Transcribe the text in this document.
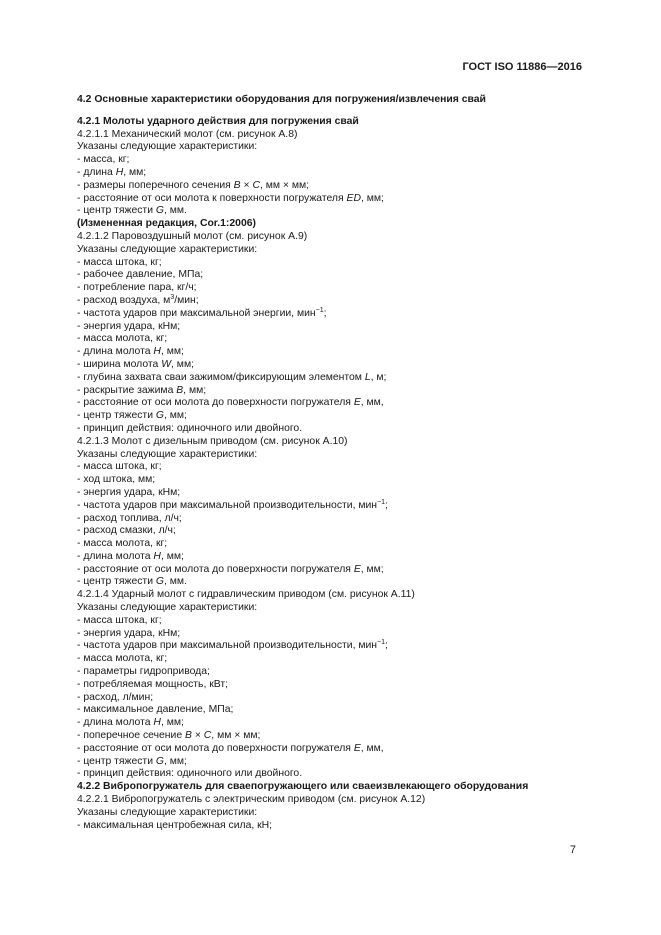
ГОСТ ISO 11886—2016
4.2 Основные характеристики оборудования для погружения/извлечения свай
4.2.1 Молоты ударного действия для погружения свай
4.2.1.1 Механический молот (см. рисунок А.8)
Указаны следующие характеристики:
- масса, кг;
- длина H, мм;
- размеры поперечного сечения B × C, мм × мм;
- расстояние от оси молота к поверхности погружателя ED, мм;
- центр тяжести G, мм.
(Измененная редакция, Cor.1:2006)
4.2.1.2 Паровоздушный молот (см. рисунок А.9)
Указаны следующие характеристики:
- масса штока, кг;
- рабочее давление, МПа;
- потребление пара, кг/ч;
- расход воздуха, $м^3$/мин;
- частота ударов при максимальной энергии, мин$^{-1}$;
- энергия удара, кНм;
- масса молота, кг;
- длина молота H, мм;
- ширина молота W, мм;
- глубина захвата сваи зажимом/фиксирующим элементом L, м;
- раскрытие зажима B, мм;
- расстояние от оси молота до поверхности погружателя E, мм,
- центр тяжести G, мм;
- принцип действия: одиночного или двойного.
4.2.1.3 Молот с дизельным приводом (см. рисунок А.10)
Указаны следующие характеристики:
- масса штока, кг;
- ход штока, мм;
- энергия удара, кНм;
- частота ударов при максимальной производительности, мин$^{-1}$;
- расход топлива, л/ч;
- расход смазки, л/ч;
- масса молота, кг;
- длина молота H, мм;
- расстояние от оси молота до поверхности погружателя E, мм;
- центр тяжести G, мм.
4.2.1.4 Ударный молот с гидравлическим приводом (см. рисунок А.11)
Указаны следующие характеристики:
- масса штока, кг;
- энергия удара, кНм;
- частота ударов при максимальной производительности, мин$^{-1}$;
- масса молота, кг;
- параметры гидропривода;
- потребляемая мощность, кВт;
- расход, л/мин;
- максимальное давление, МПа;
- длина молота H, мм;
- поперечное сечение B × C, мм × мм;
- расстояние от оси молота до поверхности погружателя E, мм,
- центр тяжести G, мм;
- принцип действия: одиночного или двойного.
4.2.2 Вибропогружатель для сваепогружающего или сваеизвлекающего оборудования
4.2.2.1 Вибропогружатель с электрическим приводом (см. рисунок А.12)
Указаны следующие характеристики:
- максимальная центробежная сила, кН;
7
